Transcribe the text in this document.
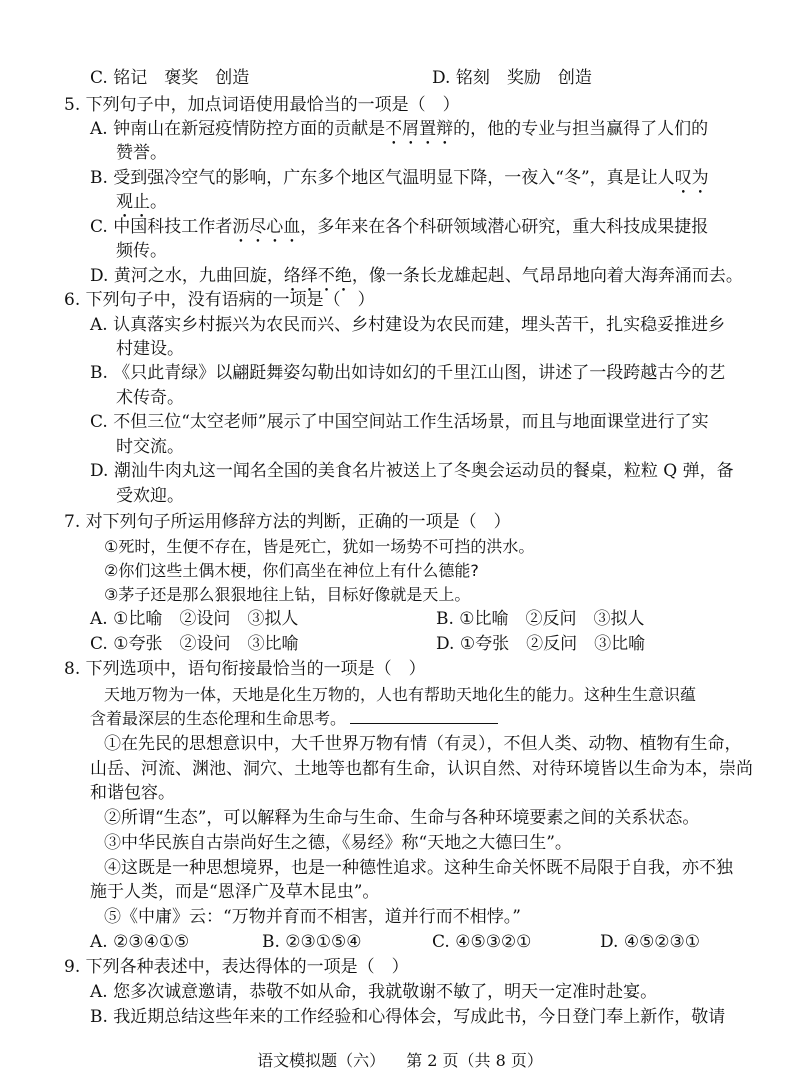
C. 铭记　褒奖　创造	D. 铭刻　奖励　创造
5. 下列句子中，加点词语使用最恰当的一项是（　）
A. 钟南山在新冠疫情防控方面的贡献是不屑置辩的，他的专业与担当赢得了人们的
赞誉。
B. 受到强冷空气的影响，广东多个地区气温明显下降，一夜入“冬”，真是让人叹为
观止。
C. 中国科技工作者沥尽心血，多年来在各个科研领域潜心研究，重大科技成果捷报
频传。
D. 黄河之水，九曲回旋，络绎不绝，像一条长龙雄起赳、气昂昂地向着大海奔涌而去。
6. 下列句子中，没有语病的一项是（　）
A. 认真落实乡村振兴为农民而兴、乡村建设为农民而建，埋头苦干，扎实稳妥推进乡
村建设。
B. 《只此青绿》以翩跹舞姿勾勒出如诗如幻的千里江山图，讲述了一段跨越古今的艺
术传奇。
C. 不但三位“太空老师”展示了中国空间站工作生活场景，而且与地面课堂进行了实
时交流。
D. 潮汕牛肉丸这一闻名全国的美食名片被送上了冬奥会运动员的餐桌，粒粒 Q 弹，备
受欢迎。
7. 对下列句子所运用修辞方法的判断，正确的一项是（　）
①死时，生便不存在，皆是死亡，犹如一场势不可挡的洪水。
②你们这些土偶木梗，你们高坐在神位上有什么德能?
③茅子还是那么狠狠地往上钻，目标好像就是天上。
A. ①比喻　②设问　③拟人	B. ①比喻　②反问　③拟人
C. ①夸张　②设问　③比喻	D. ①夸张　②反问　③比喻
8. 下列选项中，语句衔接最恰当的一项是（　）
天地万物为一体，天地是化生万物的，人也有帮助天地化生的能力。这种生生意识蕴
含着最深层的生态伦理和生命思考。
①在先民的思想意识中，大千世界万物有情（有灵），不但人类、动物、植物有生命，
山岳、河流、渊池、洞穴、土地等也都有生命，认识自然、对待环境皆以生命为本，崇尚
和谐包容。
②所谓“生态”，可以解释为生命与生命、生命与各种环境要素之间的关系状态。
③中华民族自古崇尚好生之德，《易经》称“天地之大德曰生”。
④这既是一种思想境界，也是一种德性追求。这种生命关怀既不局限于自我，亦不独
施于人类，而是“恩泽广及草木昆虫”。
⑤《中庸》云：“万物并育而不相害，道并行而不相悖。”
A. ②③④①⑤	B. ②③①⑤④	C. ④⑤③②①	D. ④⑤②③①
9. 下列各种表述中，表达得体的一项是（　）
A. 您多次诚意邀请，恭敬不如从命，我就敬谢不敏了，明天一定准时赴宴。
B. 我近期总结这些年来的工作经验和心得体会，写成此书，今日登门奉上新作，敬请
语文模拟题（六） 第 2 页（共 8 页）
